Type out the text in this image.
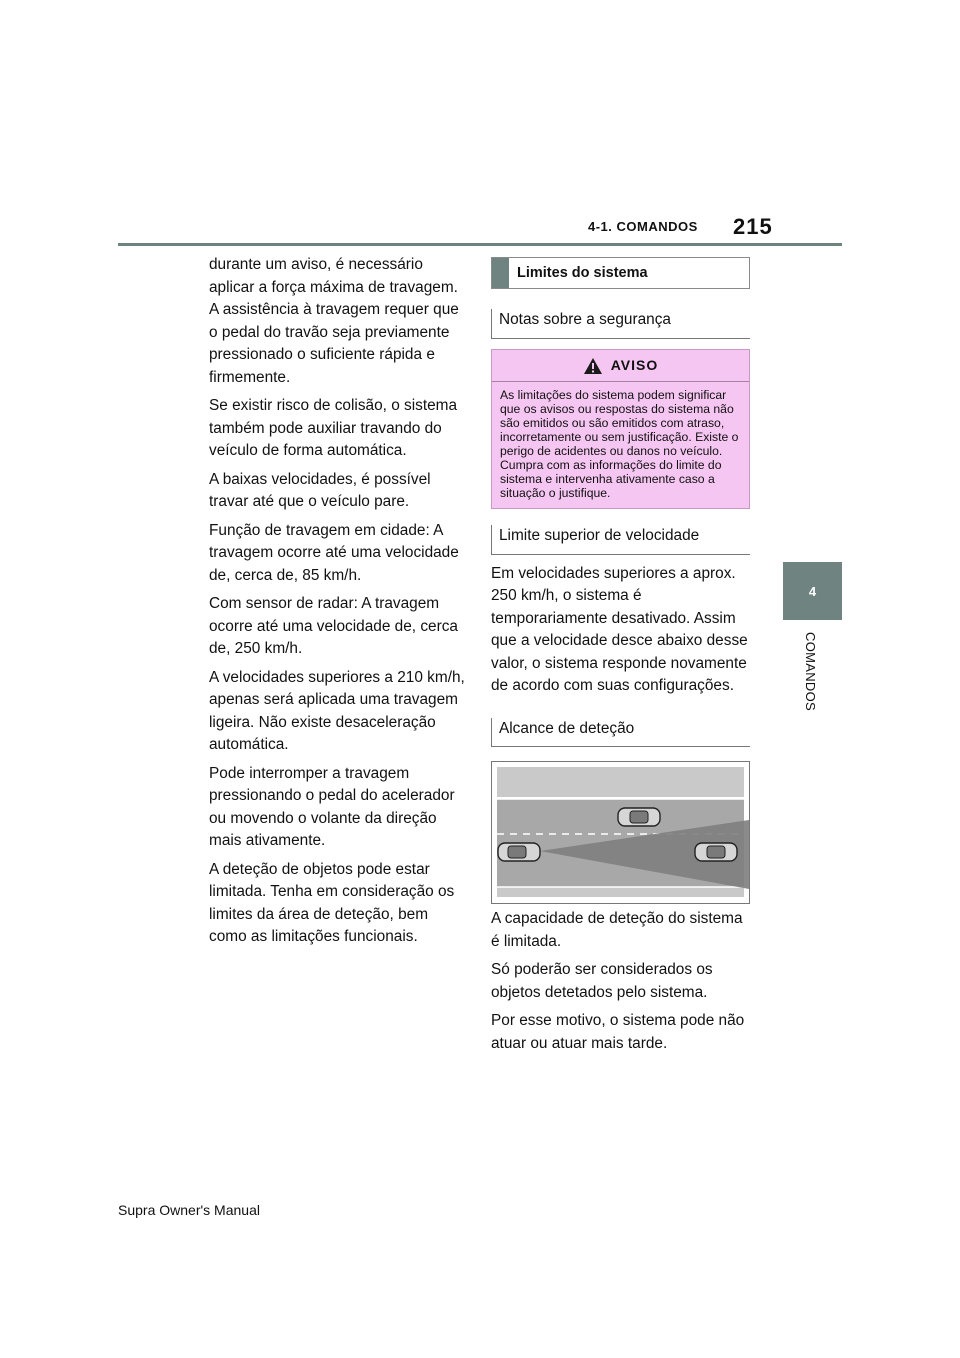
4-1. COMANDOS 215
4
COMANDOS

durante um aviso, é necessário aplicar a força máxima de travagem. A assistência à travagem requer que o pedal do travão seja previamente pressionado o suficiente rápida e firmemente.

Se existir risco de colisão, o sistema também pode auxiliar travando do veículo de forma automática.

A baixas velocidades, é possível travar até que o veículo pare.

Função de travagem em cidade: A travagem ocorre até uma velocidade de, cerca de, 85 km/h.

Com sensor de radar: A travagem ocorre até uma velocidade de, cerca de, 250 km/h.

A velocidades superiores a 210 km/h, apenas será aplicada uma travagem ligeira. Não existe desaceleração automática.

Pode interromper a travagem pressionando o pedal do acelerador ou movendo o volante da direção mais ativamente.

A deteção de objetos pode estar limitada. Tenha em consideração os limites da área de deteção, bem como as limitações funcionais.

Limites do sistema
Notas sobre a segurança
AVISO
As limitações do sistema podem significar que os avisos ou respostas do sistema não são emitidos ou são emitidos com atraso, incorretamente ou sem justificação. Existe o perigo de acidentes ou danos no veículo. Cumpra com as informações do limite do sistema e intervenha ativamente caso a situação o justifique.
Limite superior de velocidade

Em velocidades superiores a aprox. 250 km/h, o sistema é temporariamente desativado. Assim que a velocidade desce abaixo desse valor, o sistema responde novamente de acordo com suas configurações.

Alcance de deteção

A capacidade de deteção do sistema é limitada.

Só poderão ser considerados os objetos detetados pelo sistema.

Por esse motivo, o sistema pode não atuar ou atuar mais tarde.

Supra Owner's Manual
